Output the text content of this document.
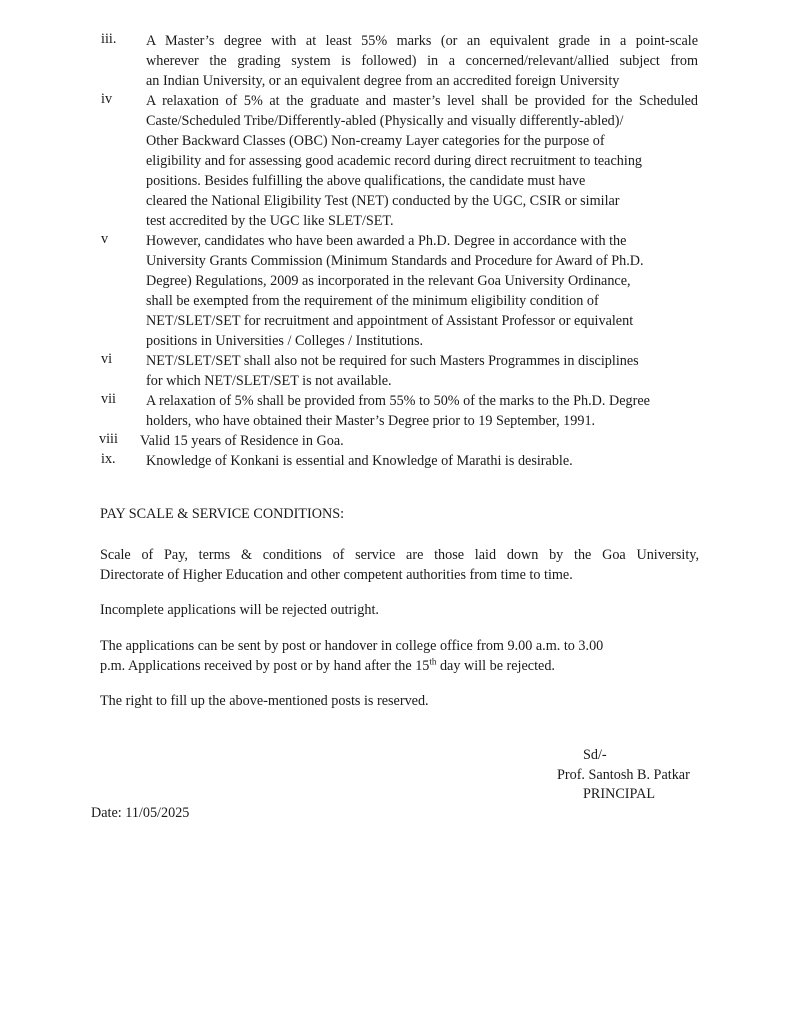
iii. A Master’s degree with at least 55% marks (or an equivalent grade in a point-scale
wherever the grading system is followed) in a concerned/relevant/allied subject from
an Indian University, or an equivalent degree from an accredited foreign University
iv A relaxation of 5% at the graduate and master’s level shall be provided for the Scheduled
Caste/Scheduled Tribe/Differently-abled (Physically and visually differently-abled)/
Other Backward Classes (OBC) Non-creamy Layer categories for the purpose of
eligibility and for assessing good academic record during direct recruitment to teaching
positions. Besides fulfilling the above qualifications, the candidate must have
cleared the National Eligibility Test (NET) conducted by the UGC, CSIR or similar
test accredited by the UGC like SLET/SET.
v	However, candidates who have been awarded a Ph.D. Degree in accordance with the
University Grants Commission (Minimum Standards and Procedure for Award of Ph.D.
Degree) Regulations, 2009 as incorporated in the relevant Goa University Ordinance,
shall be exempted from the requirement of the minimum eligibility condition of
NET/SLET/SET for recruitment and appointment of Assistant Professor or equivalent
positions in Universities / Colleges / Institutions.
vi NET/SLET/SET shall also not be required for such Masters Programmes in disciplines
for which NET/SLET/SET is not available.
vii A relaxation of 5% shall be provided from 55% to 50% of the marks to the Ph.D. Degree
holders, who have obtained their Master’s Degree prior to 19 September, 1991.
viii Valid 15 years of Residence in Goa.
ix. Knowledge of Konkani is essential and Knowledge of Marathi is desirable.
PAY SCALE & SERVICE CONDITIONS:
Scale of Pay, terms & conditions of service are those laid down by the Goa University,
Directorate of Higher Education and other competent authorities from time to time.
Incomplete applications will be rejected outright.
The applications can be sent by post or handover in college office from 9.00 a.m. to 3.00
p.m. Applications received by post or by hand after the 15th day will be rejected.
The right to fill up the above-mentioned posts is reserved.
Sd/-
Prof. Santosh B. Patkar
PRINCIPAL
Date: 11/05/2025
